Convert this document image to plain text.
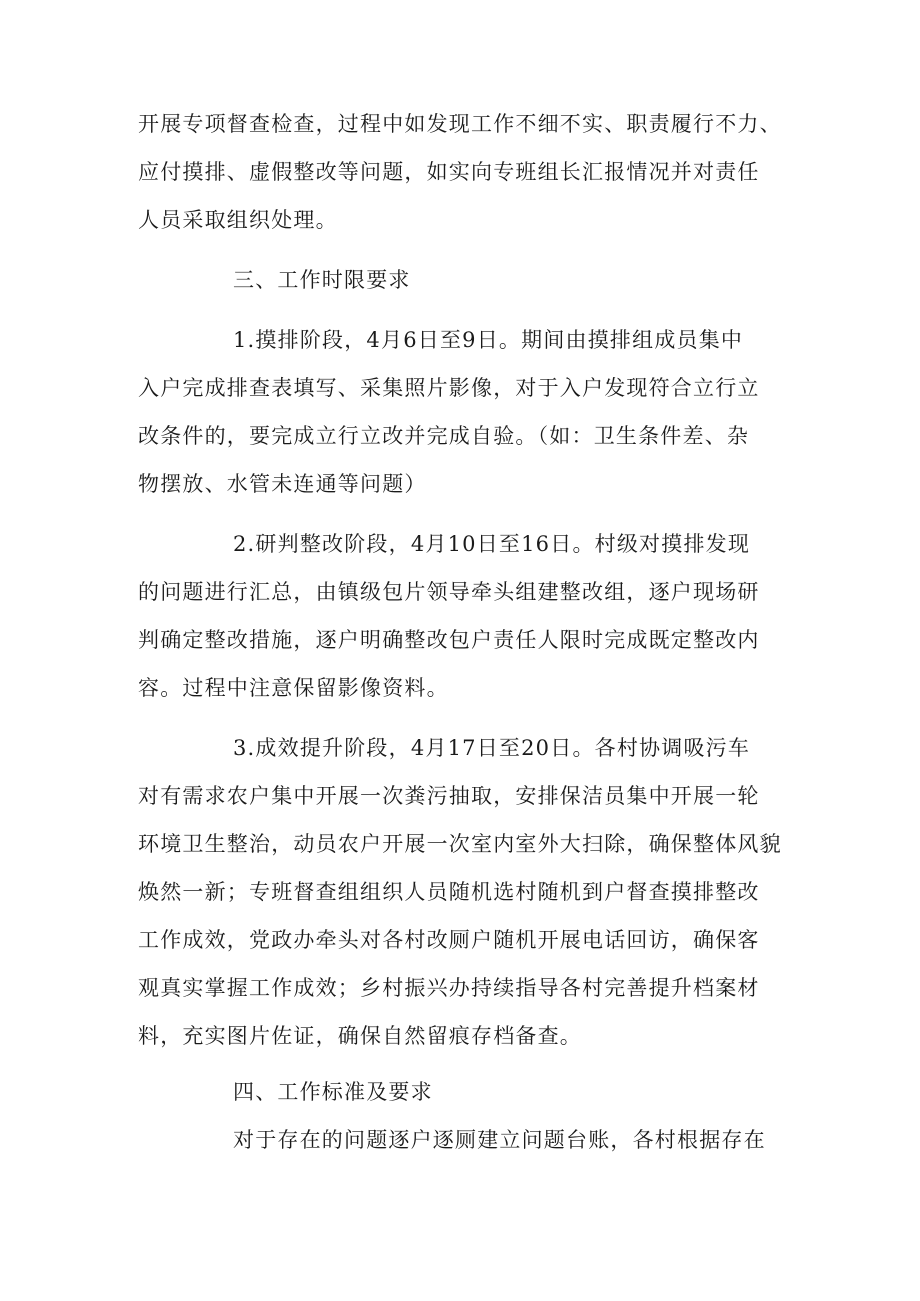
开展专项督查检查，过程中如发现工作不细不实、职责履行不力、
应付摸排、虚假整改等问题，如实向专班组长汇报情况并对责任
人员采取组织处理。
三、工作时限要求
1.摸排阶段，4月6日至9日。期间由摸排组成员集中
入户完成排查表填写、采集照片影像，对于入户发现符合立行立
改条件的，要完成立行立改并完成自验。（如：卫生条件差、杂
物摆放、水管未连通等问题）
2.研判整改阶段，4月10日至16日。村级对摸排发现
的问题进行汇总，由镇级包片领导牵头组建整改组，逐户现场研
判确定整改措施，逐户明确整改包户责任人限时完成既定整改内
容。过程中注意保留影像资料。
3.成效提升阶段，4月17日至20日。各村协调吸污车
对有需求农户集中开展一次粪污抽取，安排保洁员集中开展一轮
环境卫生整治，动员农户开展一次室内室外大扫除，确保整体风貌
焕然一新；专班督查组组织人员随机选村随机到户督查摸排整改
工作成效，党政办牵头对各村改厕户随机开展电话回访，确保客
观真实掌握工作成效；乡村振兴办持续指导各村完善提升档案材
料，充实图片佐证，确保自然留痕存档备查。
四、工作标准及要求
对于存在的问题逐户逐厕建立问题台账，各村根据存在
